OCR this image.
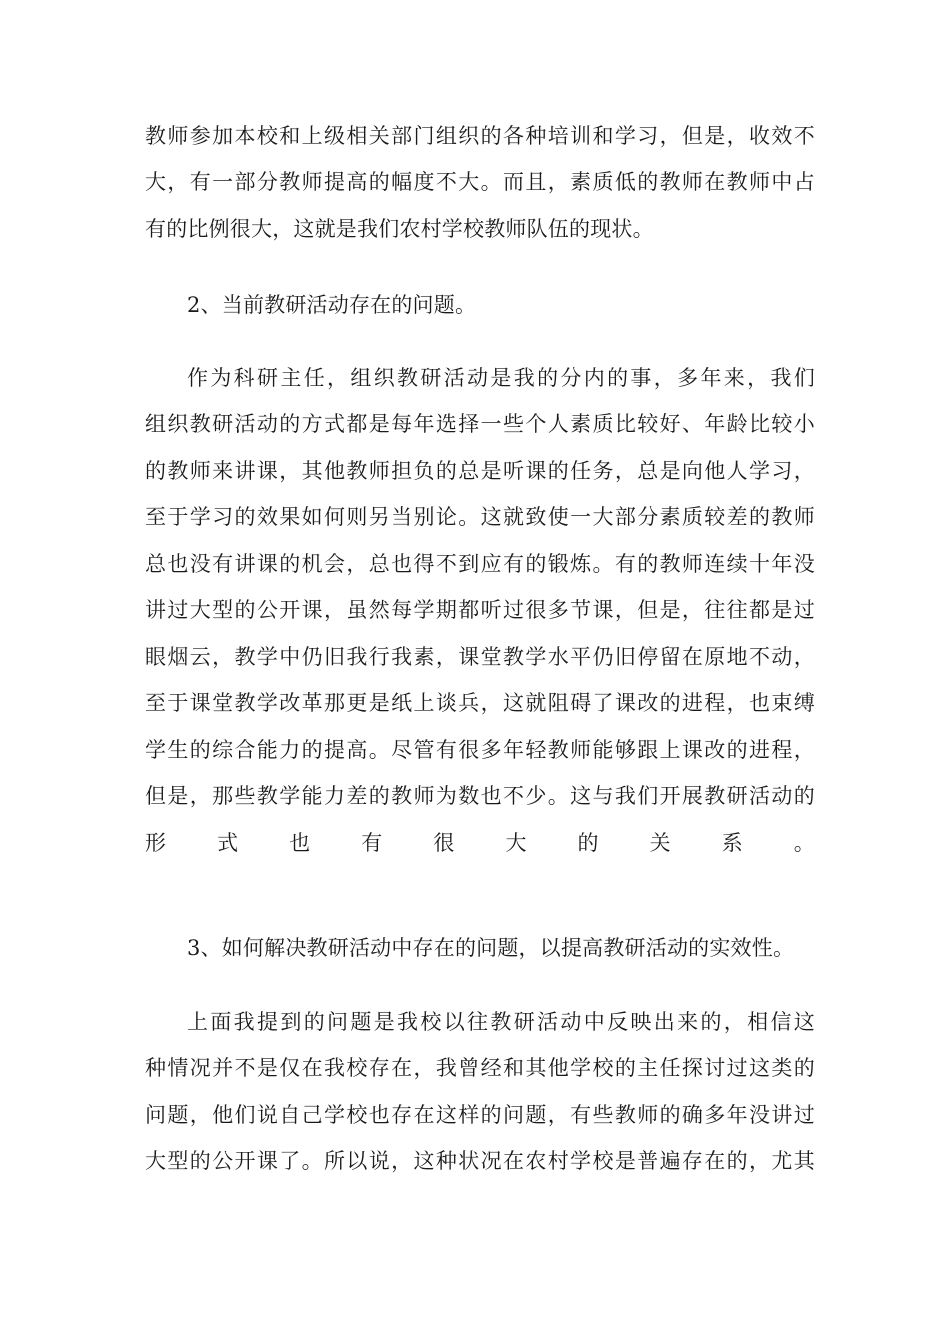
教师参加本校和上级相关部门组织的各种培训和学习，但是，收效不

大，有一部分教师提高的幅度不大。而且，素质低的教师在教师中占

有的比例很大，这就是我们农村学校教师队伍的现状。

2、当前教研活动存在的问题。

作为科研主任，组织教研活动是我的分内的事，多年来，我们

组织教研活动的方式都是每年选择一些个人素质比较好、年龄比较小

的教师来讲课，其他教师担负的总是听课的任务，总是向他人学习，

至于学习的效果如何则另当别论。这就致使一大部分素质较差的教师

总也没有讲课的机会，总也得不到应有的锻炼。有的教师连续十年没

讲过大型的公开课，虽然每学期都听过很多节课，但是，往往都是过

眼烟云，教学中仍旧我行我素，课堂教学水平仍旧停留在原地不动，

至于课堂教学改革那更是纸上谈兵，这就阻碍了课改的进程，也束缚

学生的综合能力的提高。尽管有很多年轻教师能够跟上课改的进程，

但是，那些教学能力差的教师为数也不少。这与我们开展教研活动的

形式也有很大的关系。

3、如何解决教研活动中存在的问题，以提高教研活动的实效性。

上面我提到的问题是我校以往教研活动中反映出来的，相信这

种情况并不是仅在我校存在，我曾经和其他学校的主任探讨过这类的

问题，他们说自己学校也存在这样的问题，有些教师的确多年没讲过

大型的公开课了。所以说，这种状况在农村学校是普遍存在的，尤其
